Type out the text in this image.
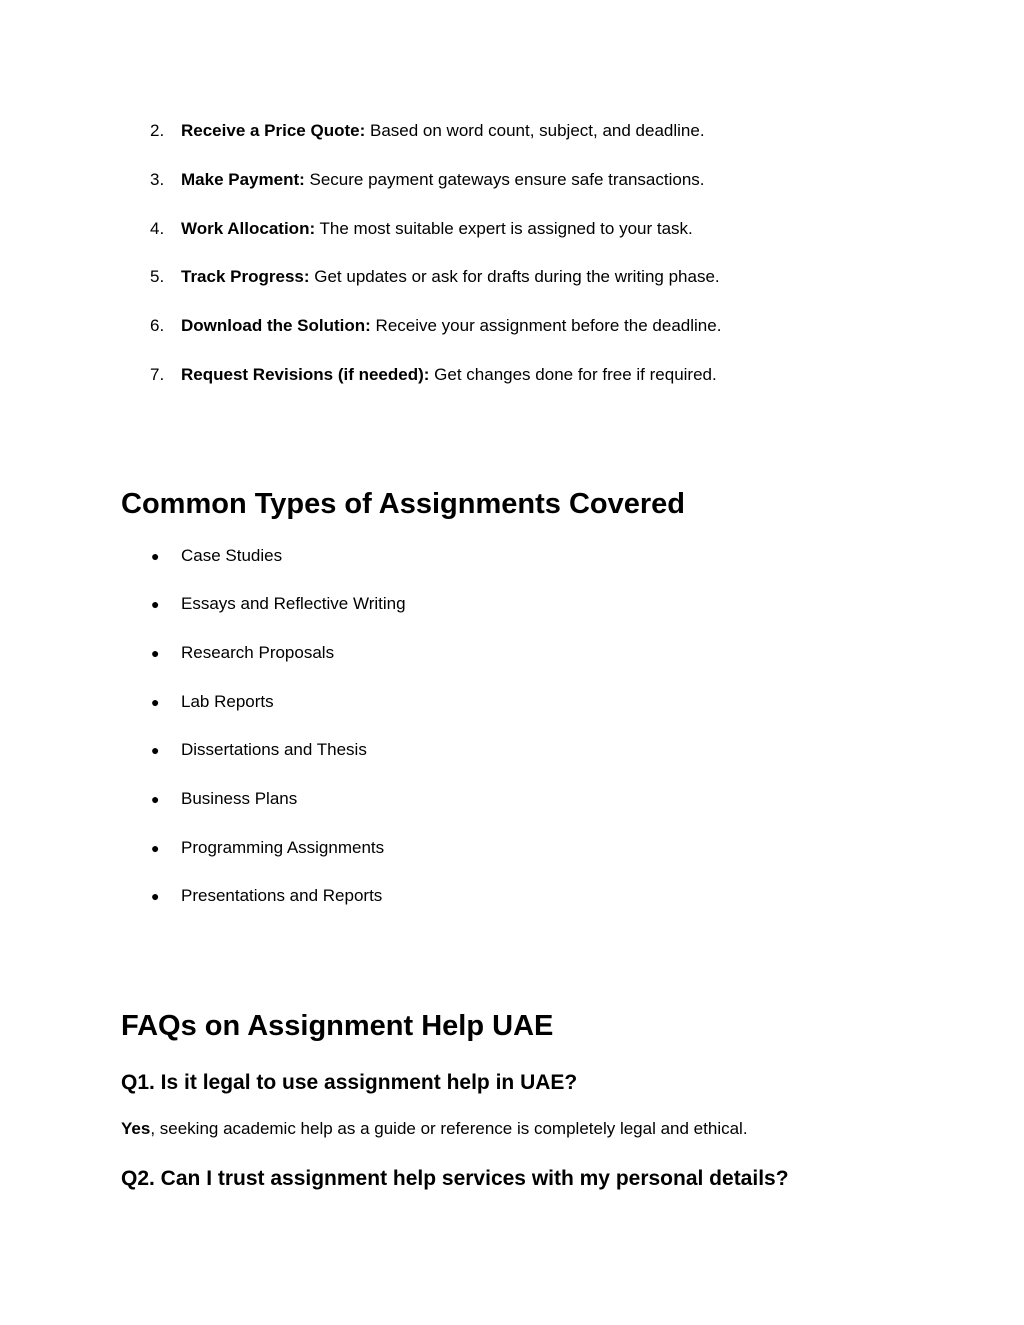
2. Receive a Price Quote: Based on word count, subject, and deadline.
3. Make Payment: Secure payment gateways ensure safe transactions.
4. Work Allocation: The most suitable expert is assigned to your task.
5. Track Progress: Get updates or ask for drafts during the writing phase.
6. Download the Solution: Receive your assignment before the deadline.
7. Request Revisions (if needed): Get changes done for free if required.
Common Types of Assignments Covered
● Case Studies
● Essays and Reflective Writing
● Research Proposals
● Lab Reports
● Dissertations and Thesis
● Business Plans
● Programming Assignments
● Presentations and Reports
FAQs on Assignment Help UAE
Q1. Is it legal to use assignment help in UAE?
Yes, seeking academic help as a guide or reference is completely legal and ethical.
Q2. Can I trust assignment help services with my personal details?
